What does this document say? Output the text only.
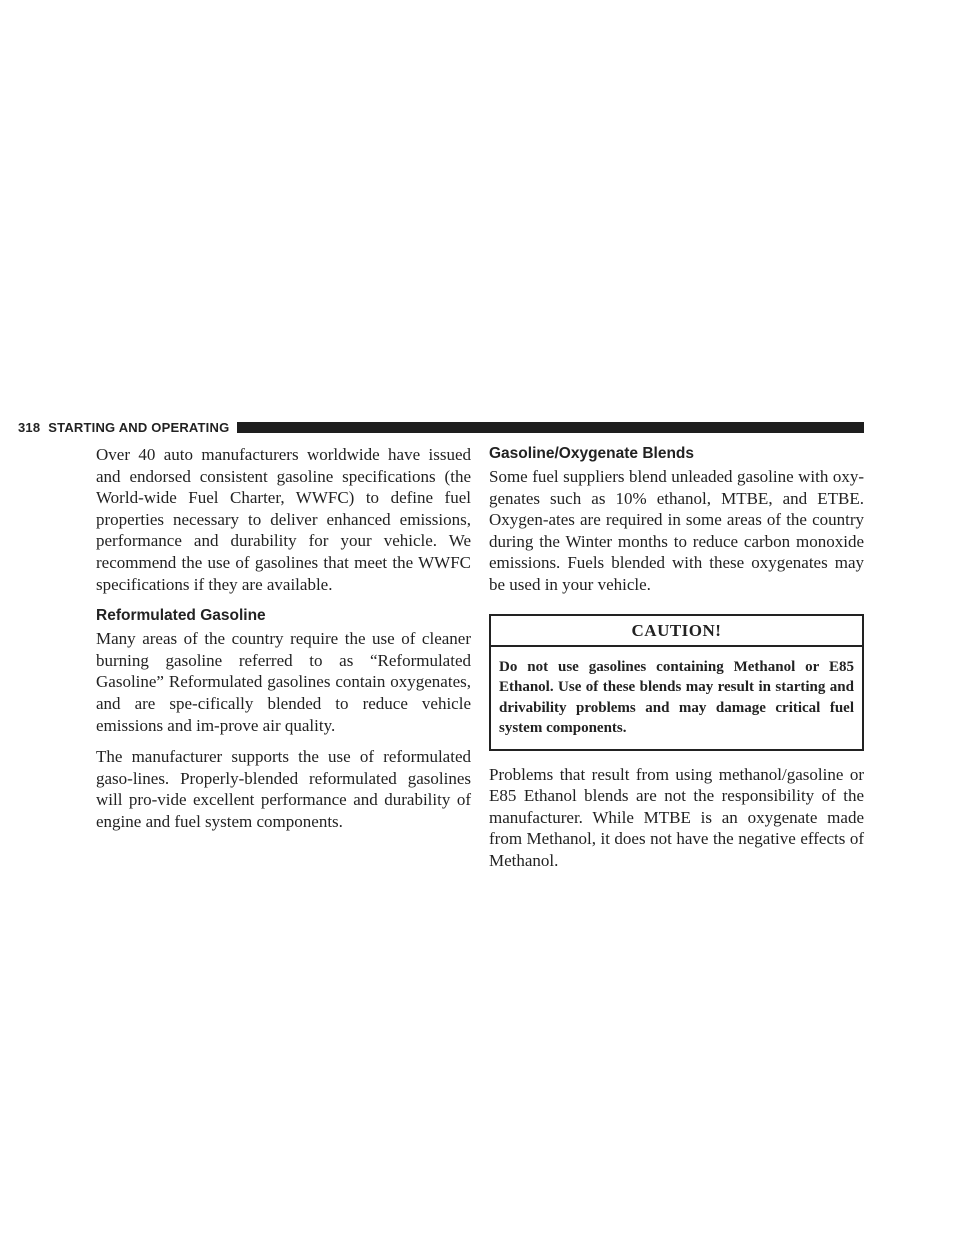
318 STARTING AND OPERATING

Over 40 auto manufacturers worldwide have issued and endorsed consistent gasoline specifications (the World-wide Fuel Charter, WWFC) to define fuel properties necessary to deliver enhanced emissions, performance and durability for your vehicle. We recommend the use of gasolines that meet the WWFC specifications if they are available.

Reformulated Gasoline

Many areas of the country require the use of cleaner burning gasoline referred to as “Reformulated Gasoline” Reformulated gasolines contain oxygenates, and are spe-cifically blended to reduce vehicle emissions and im-prove air quality.

The manufacturer supports the use of reformulated gaso-lines. Properly-blended reformulated gasolines will pro-vide excellent performance and durability of engine and fuel system components.

Gasoline/Oxygenate Blends

Some fuel suppliers blend unleaded gasoline with oxy-genates such as 10% ethanol, MTBE, and ETBE. Oxygen-ates are required in some areas of the country during the Winter months to reduce carbon monoxide emissions. Fuels blended with these oxygenates may be used in your vehicle.

CAUTION!
Do not use gasolines containing Methanol or E85 Ethanol. Use of these blends may result in starting and drivability problems and may damage critical fuel system components.

Problems that result from using methanol/gasoline or E85 Ethanol blends are not the responsibility of the manufacturer. While MTBE is an oxygenate made from Methanol, it does not have the negative effects of Methanol.
